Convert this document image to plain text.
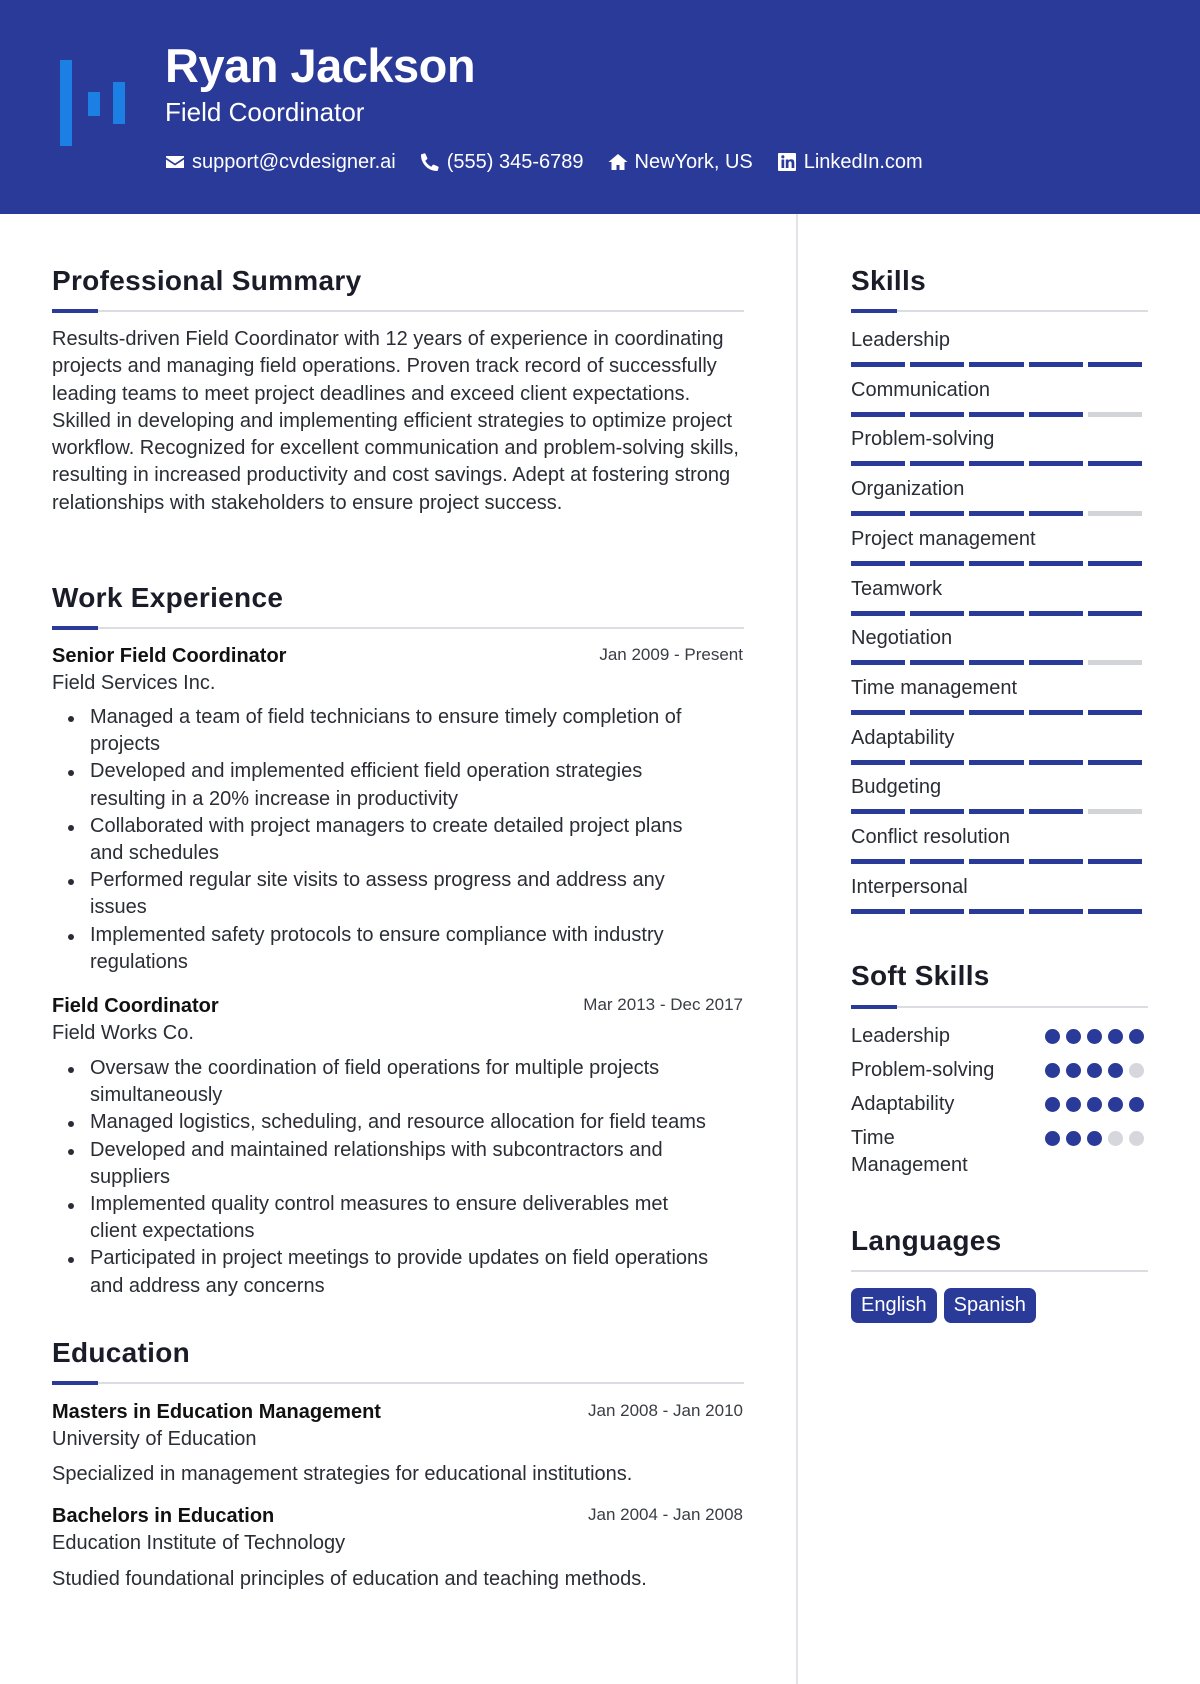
Ryan Jackson
Field Coordinator
support@cvdesigner.ai	(555) 345-6789	NewYork, US	LinkedIn.com
Professional Summary
Results-driven Field Coordinator with 12 years of experience in coordinating projects and managing field operations. Proven track record of successfully leading teams to meet project deadlines and exceed client expectations. Skilled in developing and implementing efficient strategies to optimize project workflow. Recognized for excellent communication and problem-solving skills, resulting in increased productivity and cost savings. Adept at fostering strong relationships with stakeholders to ensure project success.
Work Experience
Senior Field Coordinator	Jan 2009 - Present
Field Services Inc.
Managed a team of field technicians to ensure timely completion of projects
Developed and implemented efficient field operation strategies resulting in a 20% increase in productivity
Collaborated with project managers to create detailed project plans and schedules
Performed regular site visits to assess progress and address any issues
Implemented safety protocols to ensure compliance with industry regulations
Field Coordinator	Mar 2013 - Dec 2017
Field Works Co.
Oversaw the coordination of field operations for multiple projects simultaneously
Managed logistics, scheduling, and resource allocation for field teams
Developed and maintained relationships with subcontractors and suppliers
Implemented quality control measures to ensure deliverables met client expectations
Participated in project meetings to provide updates on field operations and address any concerns
Education
Masters in Education Management	Jan 2008 - Jan 2010
University of Education
Specialized in management strategies for educational institutions.
Bachelors in Education	Jan 2004 - Jan 2008
Education Institute of Technology
Studied foundational principles of education and teaching methods.
Skills
Leadership
Communication
Problem-solving
Organization
Project management
Teamwork
Negotiation
Time management
Adaptability
Budgeting
Conflict resolution
Interpersonal
Soft Skills
Leadership
Problem-solving
Adaptability
Time Management
Languages
English	Spanish
